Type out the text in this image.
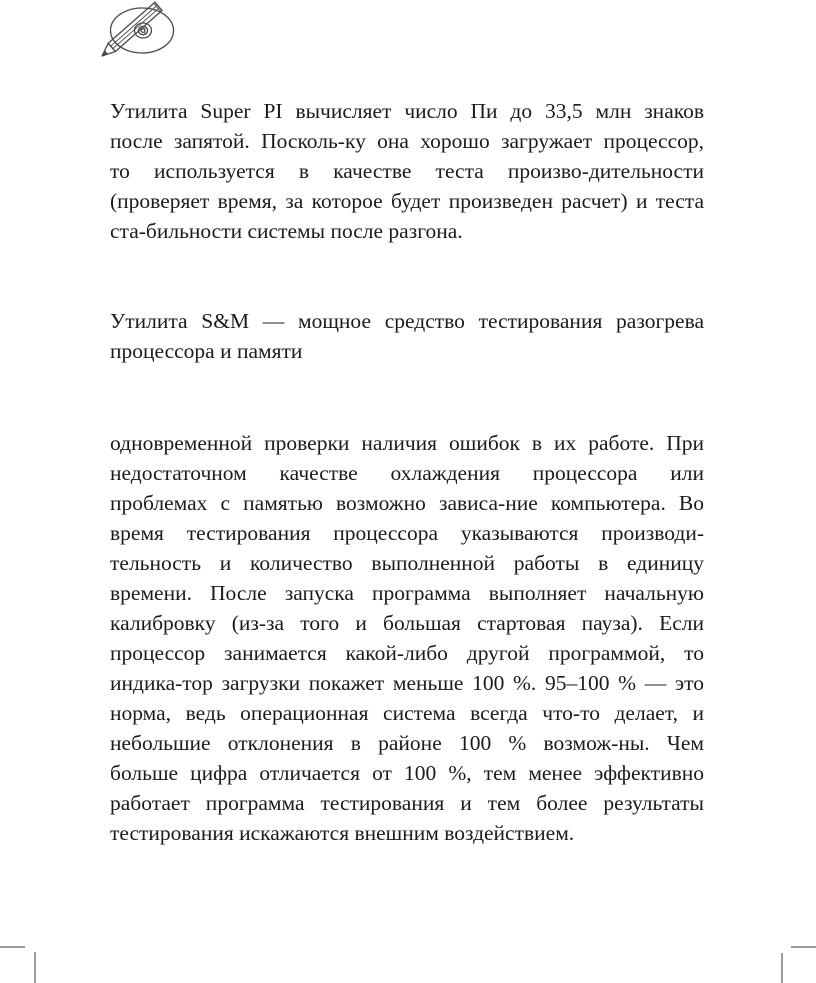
Утилита Super PI вычисляет число Пи до 33,5 млн знаков
после запятой. Посколь-ку она хорошо загружает процессор,
то используется в качестве теста произво-дительности
(проверяет время, за которое будет произведен расчет) и теста
ста-бильности системы после разгона.
Утилита S&M — мощное средство тестирования разогрева
процессора и памяти
одновременной проверки наличия ошибок в их работе. При
недостаточном качестве охлаждения процессора или
проблемах с памятью возможно зависа-ние компьютера. Во
время тестирования процессора указываются производи-
тельность и количество выполненной работы в единицу
времени. После запуска программа выполняет начальную
калибровку (из-за того и большая стартовая пауза). Если
процессор занимается какой-либо другой программой, то
индика-тор загрузки покажет меньше 100 %. 95–100 % — это
норма, ведь операционная система всегда что-то делает, и
небольшие отклонения в районе 100 % возмож-ны. Чем
больше цифра отличается от 100 %, тем менее эффективно
работает программа тестирования и тем более результаты
тестирования искажаются внешним воздействием.
